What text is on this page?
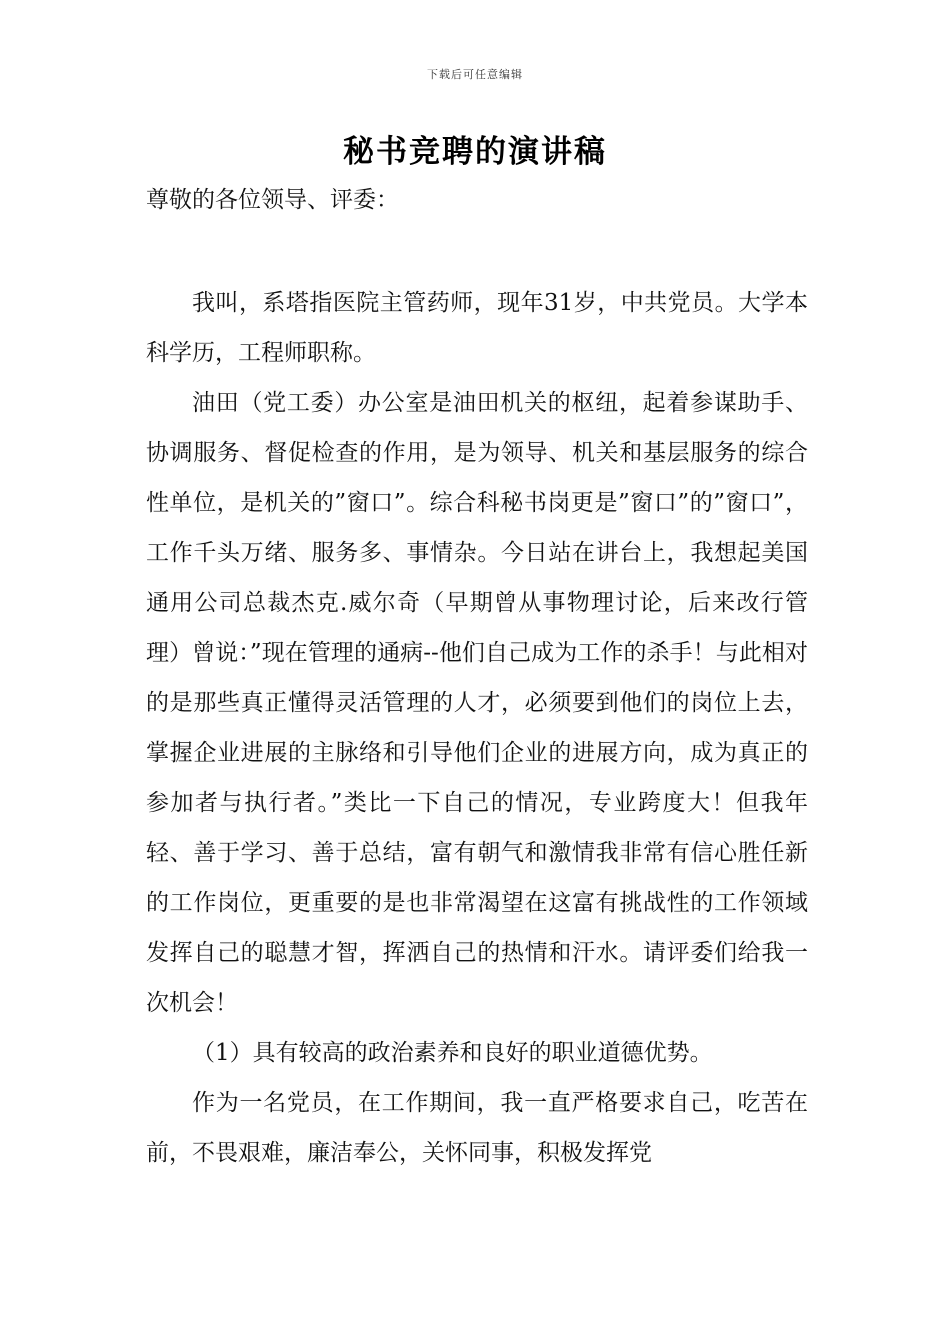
下载后可任意编辑
秘书竞聘的演讲稿
尊敬的各位领导、评委：

我叫，系塔指医院主管药师，现年31岁，中共党员。大学本科学历，工程师职称。

油田（党工委）办公室是油田机关的枢纽，起着参谋助手、协调服务、督促检查的作用，是为领导、机关和基层服务的综合性单位，是机关的”窗口”。综合科秘书岗更是”窗口”的”窗口”，工作千头万绪、服务多、事情杂。今日站在讲台上，我想起美国通用公司总裁杰克.威尔奇（早期曾从事物理讨论，后来改行管理）曾说：”现在管理的通病--他们自己成为工作的杀手！与此相对的是那些真正懂得灵活管理的人才，必须要到他们的岗位上去，掌握企业进展的主脉络和引导他们企业的进展方向，成为真正的参加者与执行者。”类比一下自己的情况，专业跨度大！但我年轻、善于学习、善于总结，富有朝气和激情我非常有信心胜任新的工作岗位，更重要的是也非常渴望在这富有挑战性的工作领域发挥自己的聪慧才智，挥洒自己的热情和汗水。请评委们给我一次机会！

（1）具有较高的政治素养和良好的职业道德优势。

作为一名党员，在工作期间，我一直严格要求自己，吃苦在前，不畏艰难，廉洁奉公，关怀同事，积极发挥党
